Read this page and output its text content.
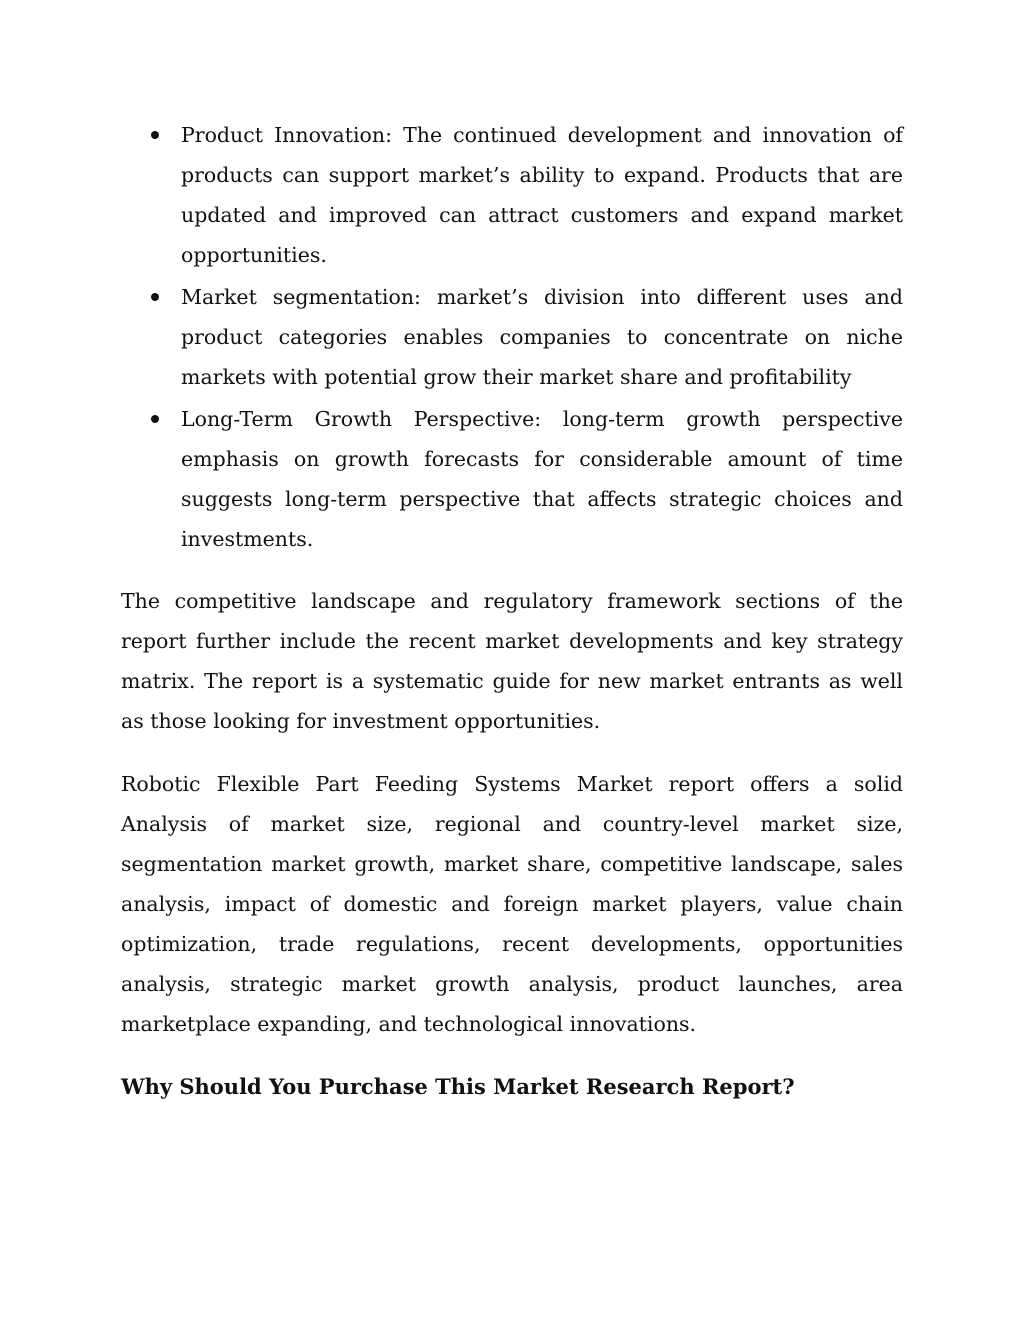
Product Innovation: The continued development and innovation of products can support market’s ability to expand. Products that are updated and improved can attract customers and expand market opportunities.
Market segmentation: market’s division into different uses and product categories enables companies to concentrate on niche markets with potential grow their market share and profitability
Long-Term Growth Perspective: long-term growth perspective emphasis on growth forecasts for considerable amount of time suggests long-term perspective that affects strategic choices and investments.

The competitive landscape and regulatory framework sections of the report further include the recent market developments and key strategy matrix. The report is a systematic guide for new market entrants as well as those looking for investment opportunities.

Robotic Flexible Part Feeding Systems Market report offers a solid Analysis of market size, regional and country-level market size, segmentation market growth, market share, competitive landscape, sales analysis, impact of domestic and foreign market players, value chain optimization, trade regulations, recent developments, opportunities analysis, strategic market growth analysis, product launches, area marketplace expanding, and technological innovations.

Why Should You Purchase This Market Research Report?
